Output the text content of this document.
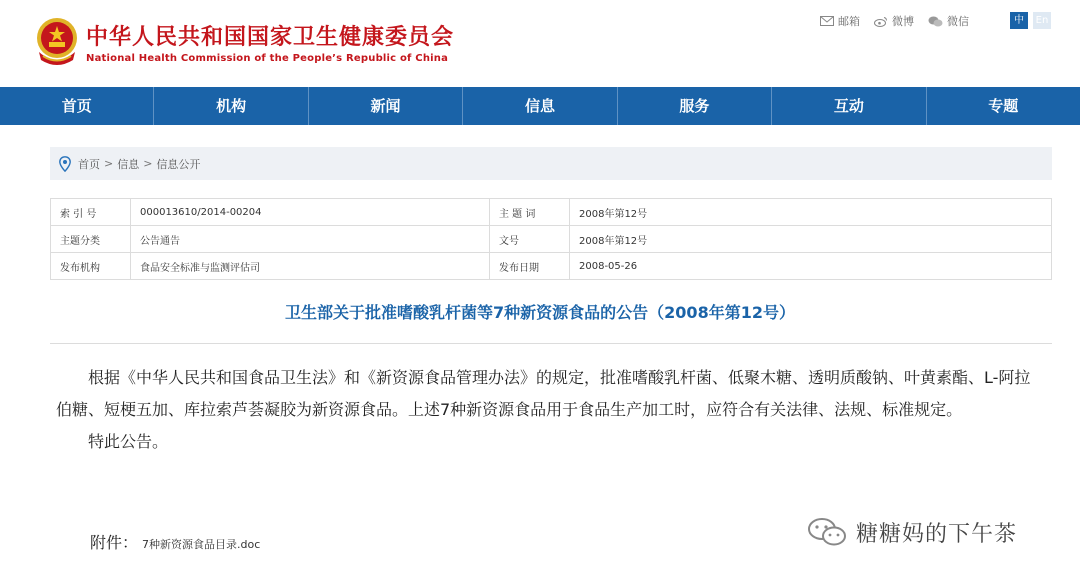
中华人民共和国国家卫生健康委员会
National Health Commission of the People’s Republic of China
邮箱	微博	微信	中	En
首页	机构	新闻	信息	服务	互动	专题
首页 > 信息 > 信息公开
索 引 号	000013610/2014-00204	主 题 词	2008年第12号
主题分类	公告通告	文号	2008年第12号
发布机构	食品安全标准与监测评估司	发布日期	2008-05-26
卫生部关于批准嗜酸乳杆菌等7种新资源食品的公告（2008年第12号）

根据《中华人民共和国食品卫生法》和《新资源食品管理办法》的规定，批准嗜酸乳杆菌、低聚木糖、透明质酸钠、叶黄素酯、L-阿拉伯糖、短梗五加、库拉索芦荟凝胶为新资源食品。上述7种新资源食品用于食品生产加工时，应符合有关法律、法规、标准规定。

特此公告。

附件： 7种新资源食品目录.doc	糖糖妈的下午茶
